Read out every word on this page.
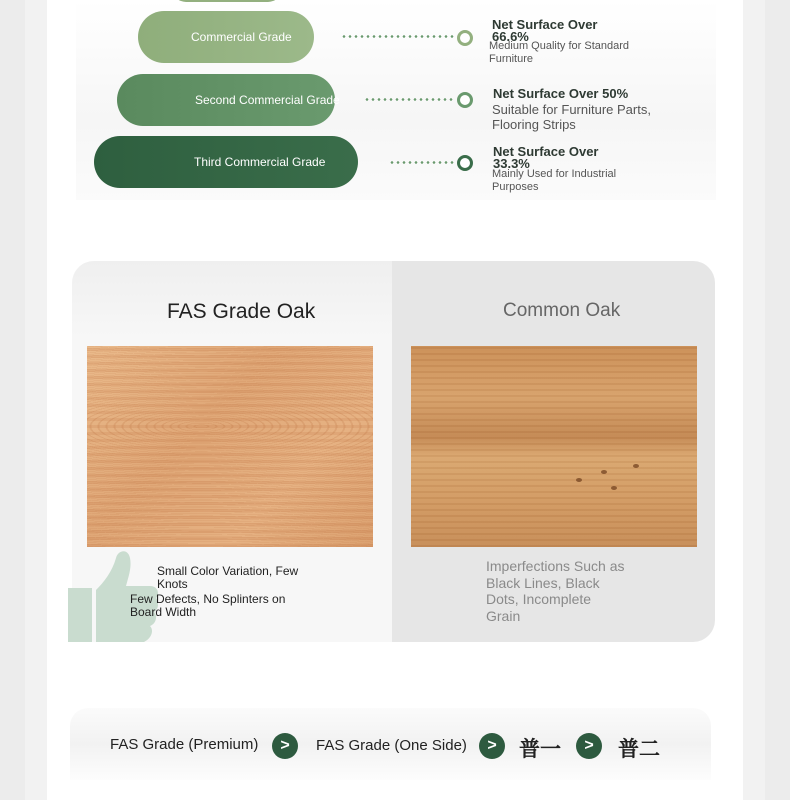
Commercial Grade
Net Surface Over 66.6%
Medium Quality for Standard Furniture
Second Commercial Grade	Net Surface Over 50%
Suitable for Furniture Parts, Flooring Strips
Third Commercial Grade
Net Surface Over 33.3%
Mainly Used for Industrial Purposes
FAS Grade Oak	Common Oak
Small Color Variation, Few Knots
Few Defects, No Splinters on Board Width
Imperfections Such as Black Lines, Black Dots, Incomplete Grain
FAS Grade (Premium)	>	FAS Grade (One Side)	>	普一	>	普二
